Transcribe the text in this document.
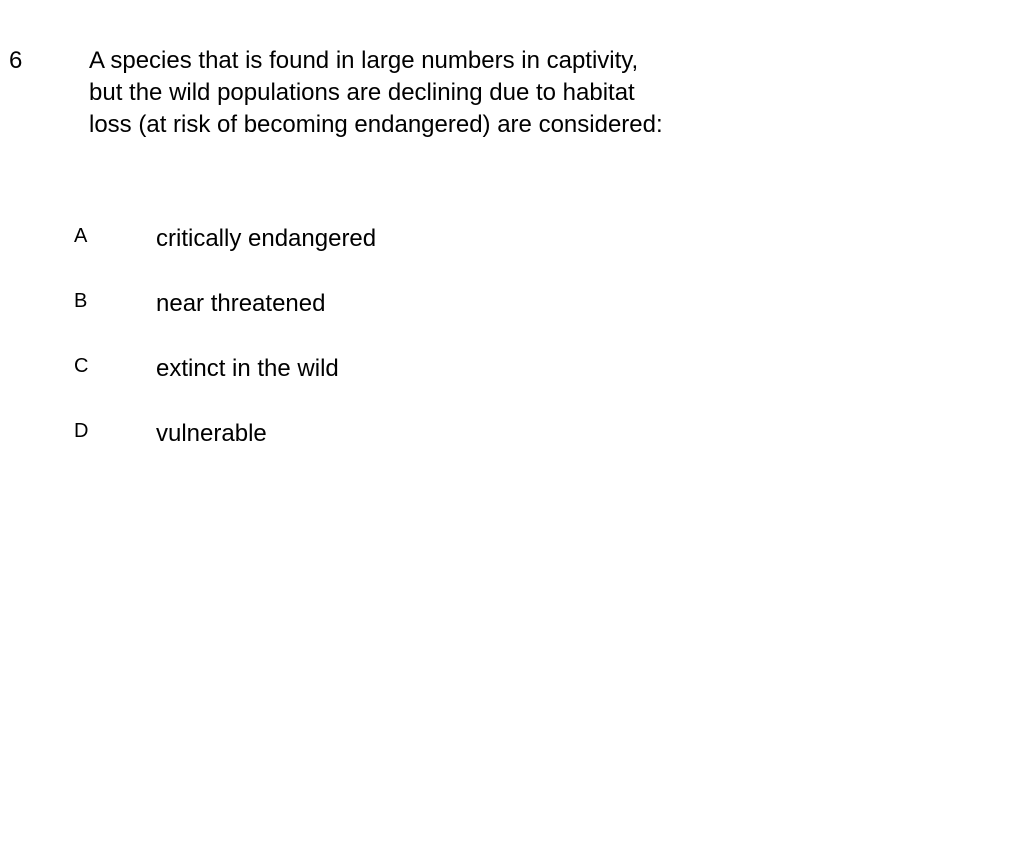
6	A species that is found in large numbers in captivity,
but the wild populations are declining due to habitat
loss (at risk of becoming endangered) are considered:
A	critically endangered
B	near threatened
C	extinct in the wild
D	vulnerable
